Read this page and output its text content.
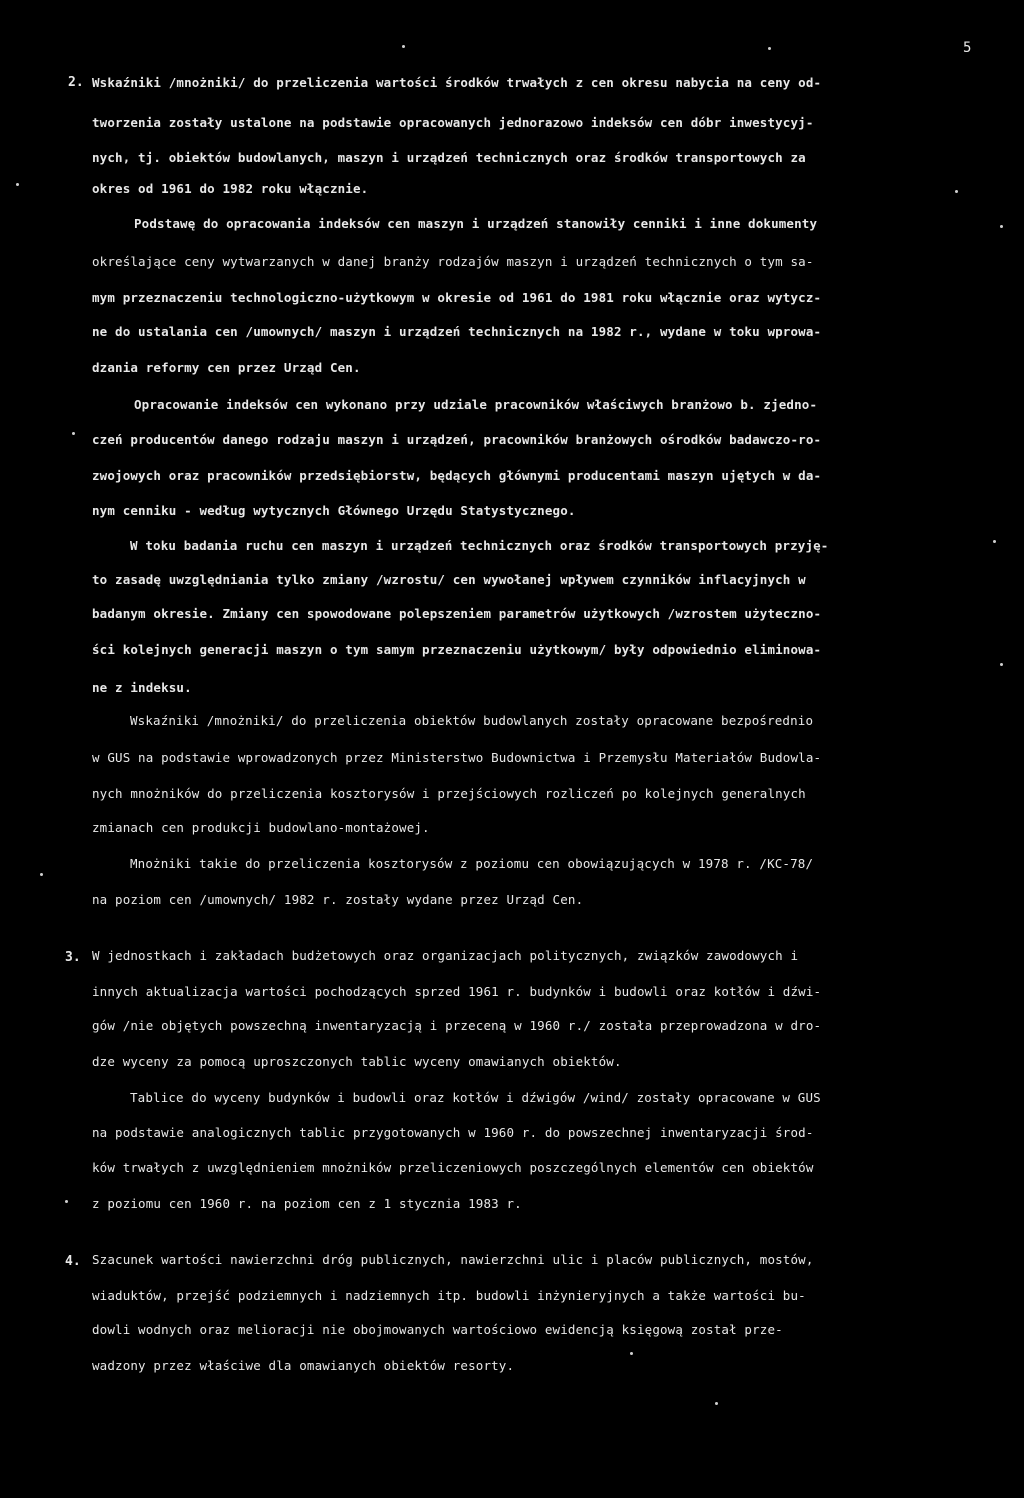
5
2. Wskaźniki /mnożniki/ do przeliczenia wartości środków trwałych z cen okresu nabycia na ceny od-
tworzenia zostały ustalone na podstawie opracowanych jednorazowo indeksów cen dóbr inwestycyj-
nych, tj. obiektów budowlanych, maszyn i urządzeń technicznych oraz środków transportowych za
okres od 1961 do 1982 roku włącznie.
Podstawę do opracowania indeksów cen maszyn i urządzeń stanowiły cenniki i inne dokumenty
określające ceny wytwarzanych w danej branży rodzajów maszyn i urządzeń technicznych o tym sa-
mym przeznaczeniu technologiczno-użytkowym w okresie od 1961 do 1981 roku włącznie oraz wytycz-
ne do ustalania cen /umownych/ maszyn i urządzeń technicznych na 1982 r., wydane w toku wprowa-
dzania reformy cen przez Urząd Cen.
Opracowanie indeksów cen wykonano przy udziale pracowników właściwych branżowo b. zjedno-
czeń producentów danego rodzaju maszyn i urządzeń, pracowników branżowych ośrodków badawczo-ro-
zwojowych oraz pracowników przedsiębiorstw, będących głównymi producentami maszyn ujętych w da-
nym cenniku - według wytycznych Głównego Urzędu Statystycznego.
W toku badania ruchu cen maszyn i urządzeń technicznych oraz środków transportowych przyję-
to zasadę uwzględniania tylko zmiany /wzrostu/ cen wywołanej wpływem czynników inflacyjnych w
badanym okresie. Zmiany cen spowodowane polepszeniem parametrów użytkowych /wzrostem użyteczno-
ści kolejnych generacji maszyn o tym samym przeznaczeniu użytkowym/ były odpowiednio eliminowa-
ne z indeksu.
Wskaźniki /mnożniki/ do przeliczenia obiektów budowlanych zostały opracowane bezpośrednio
w GUS na podstawie wprowadzonych przez Ministerstwo Budownictwa i Przemysłu Materiałów Budowla-
nych mnożników do przeliczenia kosztorysów i przejściowych rozliczeń po kolejnych generalnych
zmianach cen produkcji budowlano-montażowej.
Mnożniki takie do przeliczenia kosztorysów z poziomu cen obowiązujących w 1978 r. /KC-78/
na poziom cen /umownych/ 1982 r. zostały wydane przez Urząd Cen.
3. W jednostkach i zakładach budżetowych oraz organizacjach politycznych, związków zawodowych i
innych aktualizacja wartości pochodzących sprzed 1961 r. budynków i budowli oraz kotłów i dźwi-
gów /nie objętych powszechną inwentaryzacją i przeceną w 1960 r./ została przeprowadzona w dro-
dze wyceny za pomocą uproszczonych tablic wyceny omawianych obiektów.
Tablice do wyceny budynków i budowli oraz kotłów i dźwigów /wind/ zostały opracowane w GUS
na podstawie analogicznych tablic przygotowanych w 1960 r. do powszechnej inwentaryzacji środ-
ków trwałych z uwzględnieniem mnożników przeliczeniowych poszczególnych elementów cen obiektów
z poziomu cen 1960 r. na poziom cen z 1 stycznia 1983 r.
4. Szacunek wartości nawierzchni dróg publicznych, nawierzchni ulic i placów publicznych, mostów,
wiaduktów, przejść podziemnych i nadziemnych itp. budowli inżynieryjnych a także wartości bu-
dowli wodnych oraz melioracji nie obojmowanych wartościowo ewidencją księgową został prze-
wadzony przez właściwe dla omawianych obiektów resorty.
